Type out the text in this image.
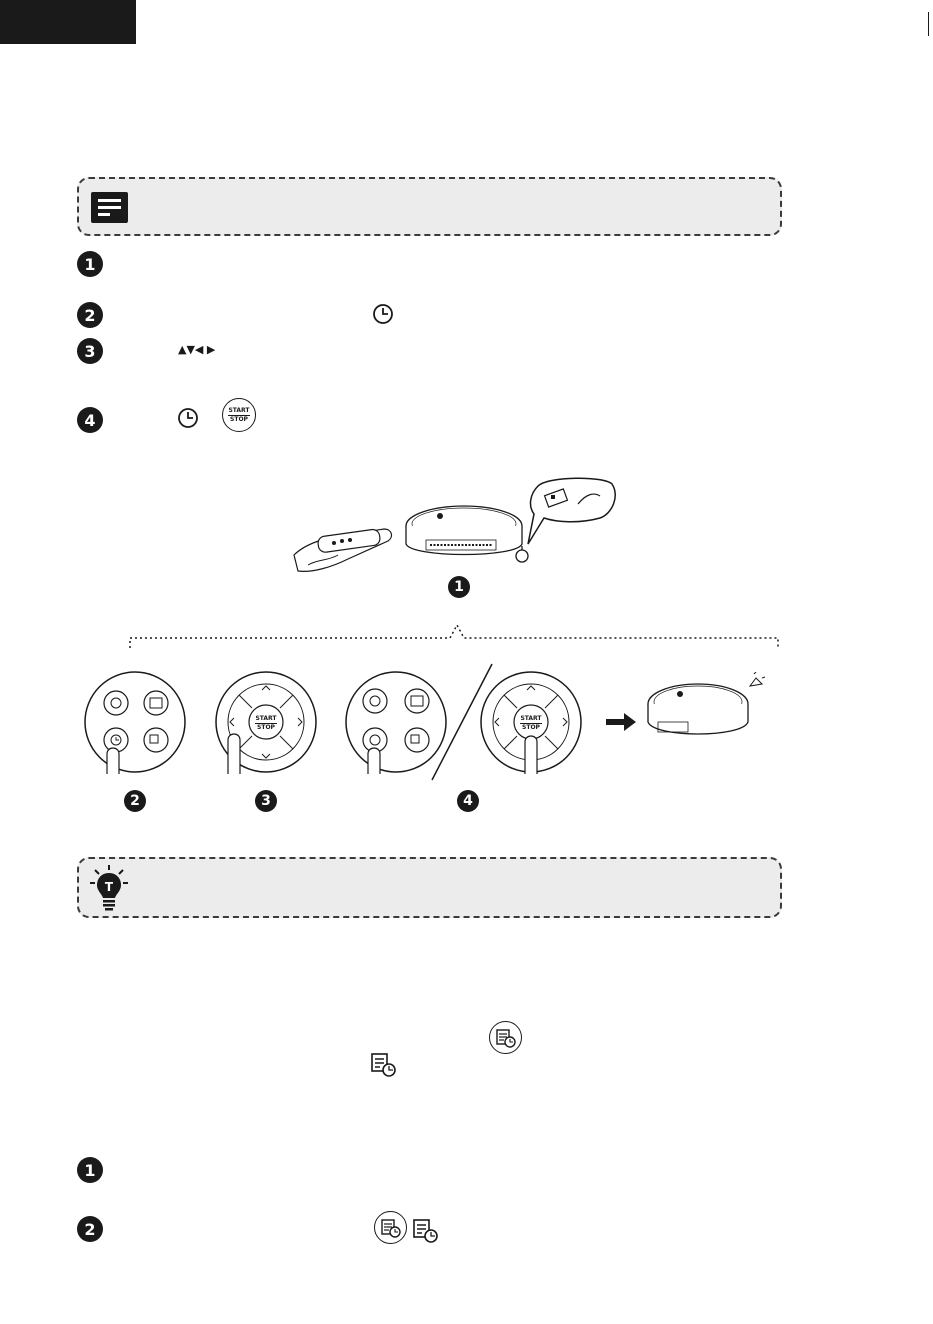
1
2
3
4
▲▼◀ ▶
START
STOP
1
2
START
STOP
3
START
STOP
4
T
1
2
